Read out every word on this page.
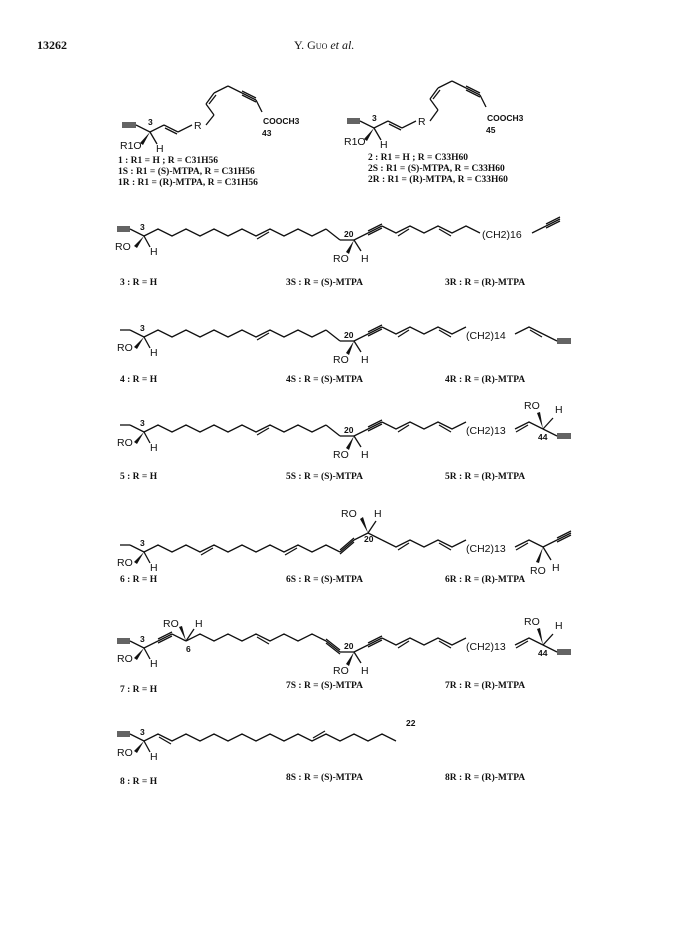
13262	Y. Guo et al.
COOCH3
43
R
R1O H
3
1 : R1 = H ; R = C31H56
1S : R1 = (S)-MTPA, R = C31H56
1R : R1 = (R)-MTPA, R = C31H56
COOCH3
45
R
R1O H
3
2 : R1 = H ; R = C33H60
2S : R1 = (S)-MTPA, R = C33H60
2R : R1 = (R)-MTPA, R = C33H60
(CH2)16
RO H
3
20
RO H
3 : R = H	3S : R = (S)-MTPA	3R : R = (R)-MTPA
(CH2)14
RO H
3
20
RO H
4 : R = H	4S : R = (S)-MTPA	4R : R = (R)-MTPA
(CH2)13
RO H
44
RO H
3
20
RO H
5 : R = H	5S : R = (S)-MTPA	5R : R = (R)-MTPA
(CH2)13
RO H
RO H
3
RO H
20
6 : R = H	6S : R = (S)-MTPA	6R : R = (R)-MTPA
(CH2)13
RO H
44
RO H
3
RO H
6	20
RO H
7 : R = H	7S : R = (S)-MTPA	7R : R = (R)-MTPA
RO H
3
22
8 : R = H	8S : R = (S)-MTPA	8R : R = (R)-MTPA
